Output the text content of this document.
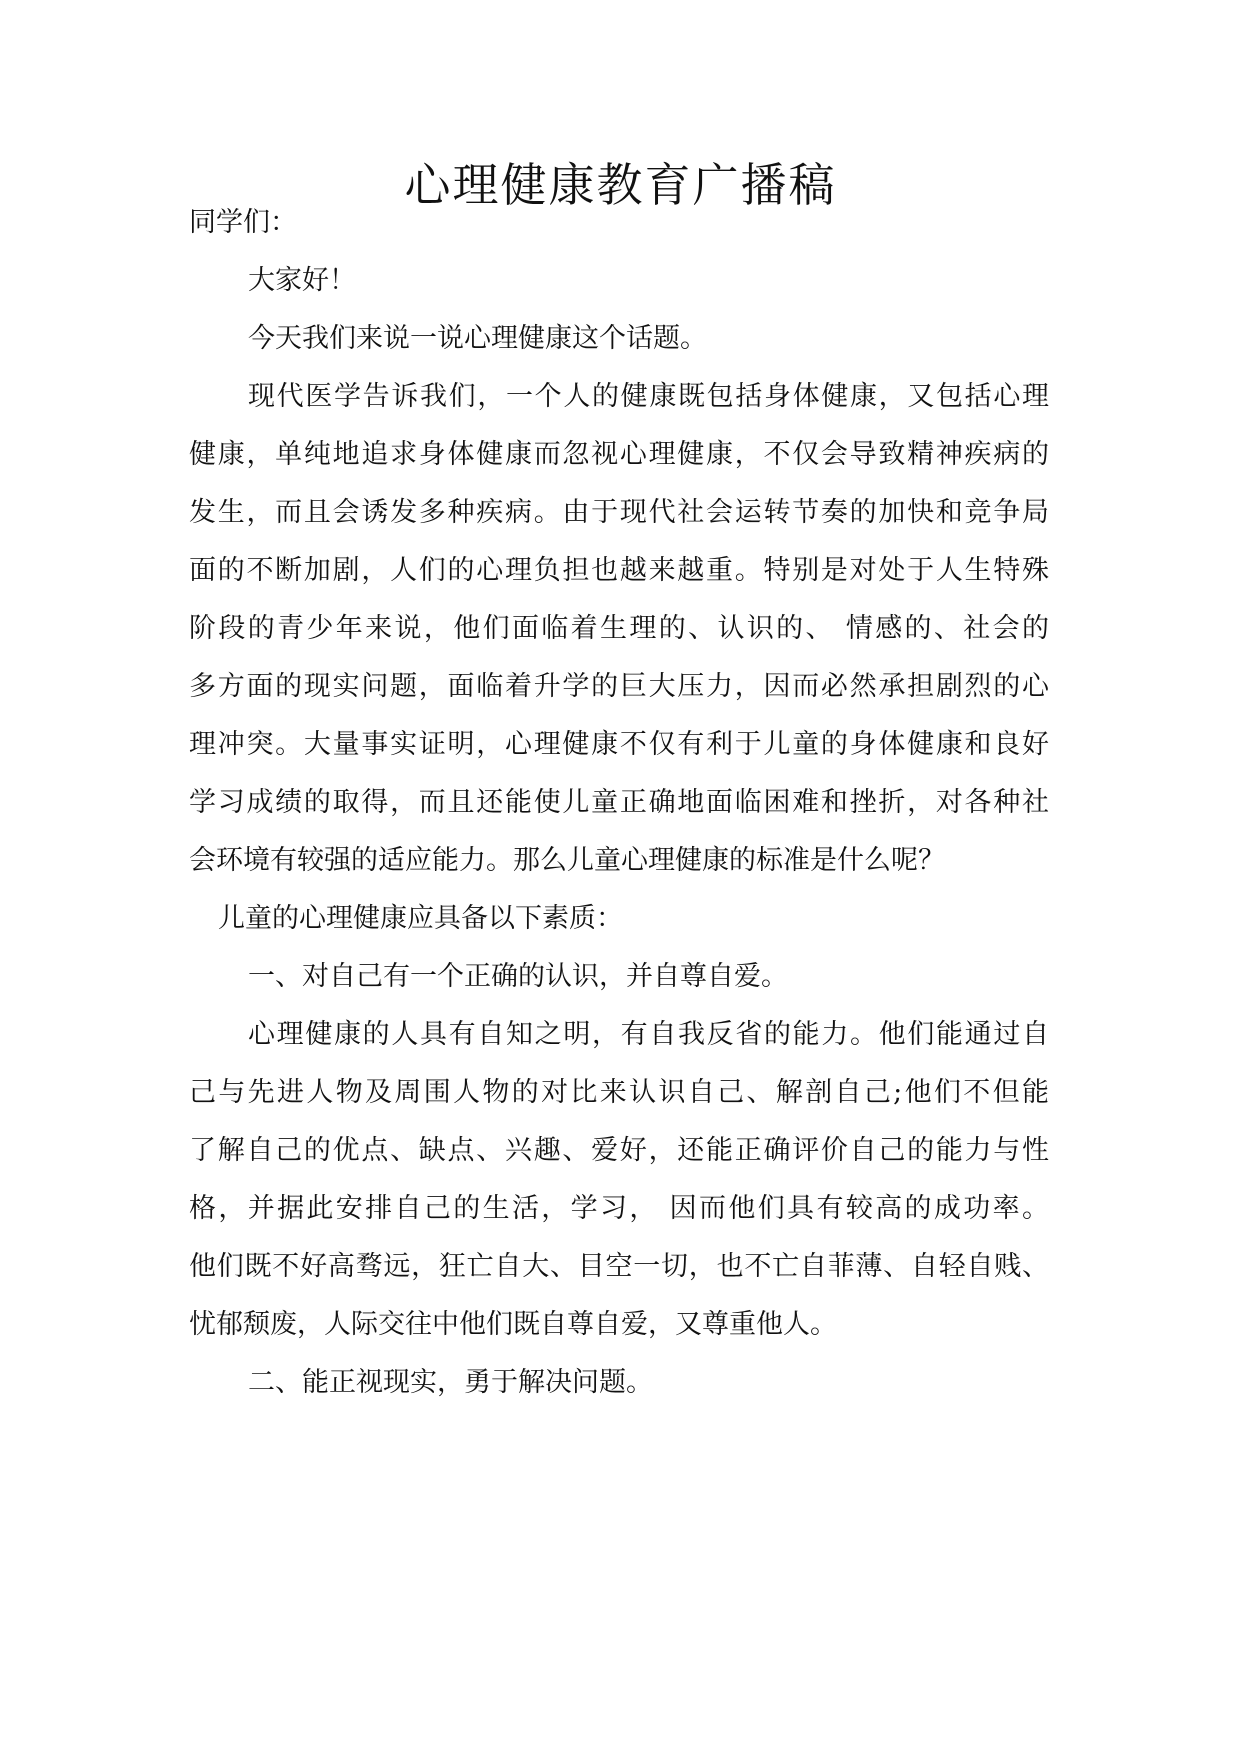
心理健康教育广播稿

同学们：

大家好！

今天我们来说一说心理健康这个话题。

现代医学告诉我们，一个人的健康既包括身体健康，又包括心理

健康，单纯地追求身体健康而忽视心理健康，不仅会导致精神疾病的

发生，而且会诱发多种疾病。由于现代社会运转节奏的加快和竞争局

面的不断加剧，人们的心理负担也越来越重。特别是对处于人生特殊

阶段的青少年来说，他们面临着生理的、认识的、 情感的、社会的

多方面的现实问题，面临着升学的巨大压力，因而必然承担剧烈的心

理冲突。大量事实证明，心理健康不仅有利于儿童的身体健康和良好

学习成绩的取得，而且还能使儿童正确地面临困难和挫折，对各种社

会环境有较强的适应能力。那么儿童心理健康的标准是什么呢？

儿童的心理健康应具备以下素质：

一、对自己有一个正确的认识，并自尊自爱。

心理健康的人具有自知之明，有自我反省的能力。他们能通过自

己与先进人物及周围人物的对比来认识自己、解剖自己;他们不但能

了解自己的优点、缺点、兴趣、爱好，还能正确评价自己的能力与性

格，并据此安排自己的生活，学习， 因而他们具有较高的成功率。

他们既不好高骛远，狂亡自大、目空一切，也不亡自菲薄、自轻自贱、

忧郁颓废，人际交往中他们既自尊自爱，又尊重他人。

二、能正视现实，勇于解决问题。
